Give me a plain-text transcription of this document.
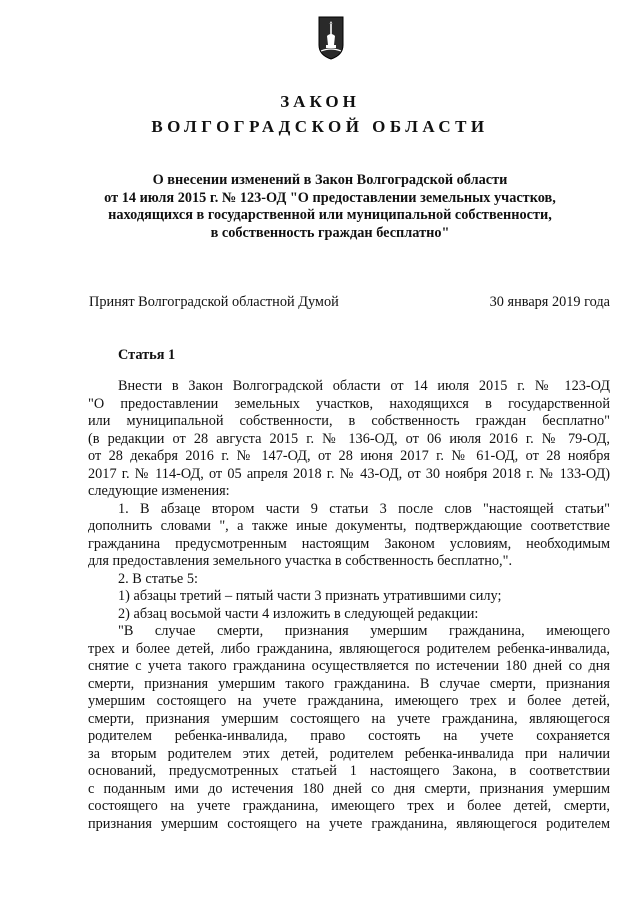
ЗАКОН
ВОЛГОГРАДСКОЙ ОБЛАСТИ
О внесении изменений в Закон Волгоградской области
от 14 июля 2015 г. № 123-ОД "О предоставлении земельных участков,
находящихся в государственной или муниципальной собственности,
в собственность граждан бесплатно"
Принят Волгоградской областной Думой	30 января 2019 года
Статья 1
Внести в Закон Волгоградской области от 14 июля 2015 г. № 123-ОД
"О предоставлении земельных участков, находящихся в государственной
или муниципальной собственности, в собственность граждан бесплатно"
(в редакции от 28 августа 2015 г. № 136-ОД, от 06 июля 2016 г. № 79-ОД,
от 28 декабря 2016 г. № 147-ОД, от 28 июня 2017 г. № 61-ОД, от 28 ноября
2017 г. № 114-ОД, от 05 апреля 2018 г. № 43-ОД, от 30 ноября 2018 г. № 133-ОД)
следующие изменения:
1. В абзаце втором части 9 статьи 3 после слов "настоящей статьи"
дополнить словами ", а также иные документы, подтверждающие соответствие
гражданина предусмотренным настоящим Законом условиям, необходимым
для предоставления земельного участка в собственность бесплатно,".
2. В статье 5:
1) абзацы третий – пятый части 3 признать утратившими силу;
2) абзац восьмой части 4 изложить в следующей редакции:
"В случае смерти, признания умершим гражданина, имеющего
трех и более детей, либо гражданина, являющегося родителем ребенка-инвалида,
снятие с учета такого гражданина осуществляется по истечении 180 дней со дня
смерти, признания умершим такого гражданина. В случае смерти, признания
умершим состоящего на учете гражданина, имеющего трех и более детей,
смерти, признания умершим состоящего на учете гражданина, являющегося
родителем ребенка-инвалида, право состоять на учете сохраняется
за вторым родителем этих детей, родителем ребенка-инвалида при наличии
оснований, предусмотренных статьей 1 настоящего Закона, в соответствии
с поданным ими до истечения 180 дней со дня смерти, признания умершим
состоящего на учете гражданина, имеющего трех и более детей, смерти,
признания умершим состоящего на учете гражданина, являющегося родителем
